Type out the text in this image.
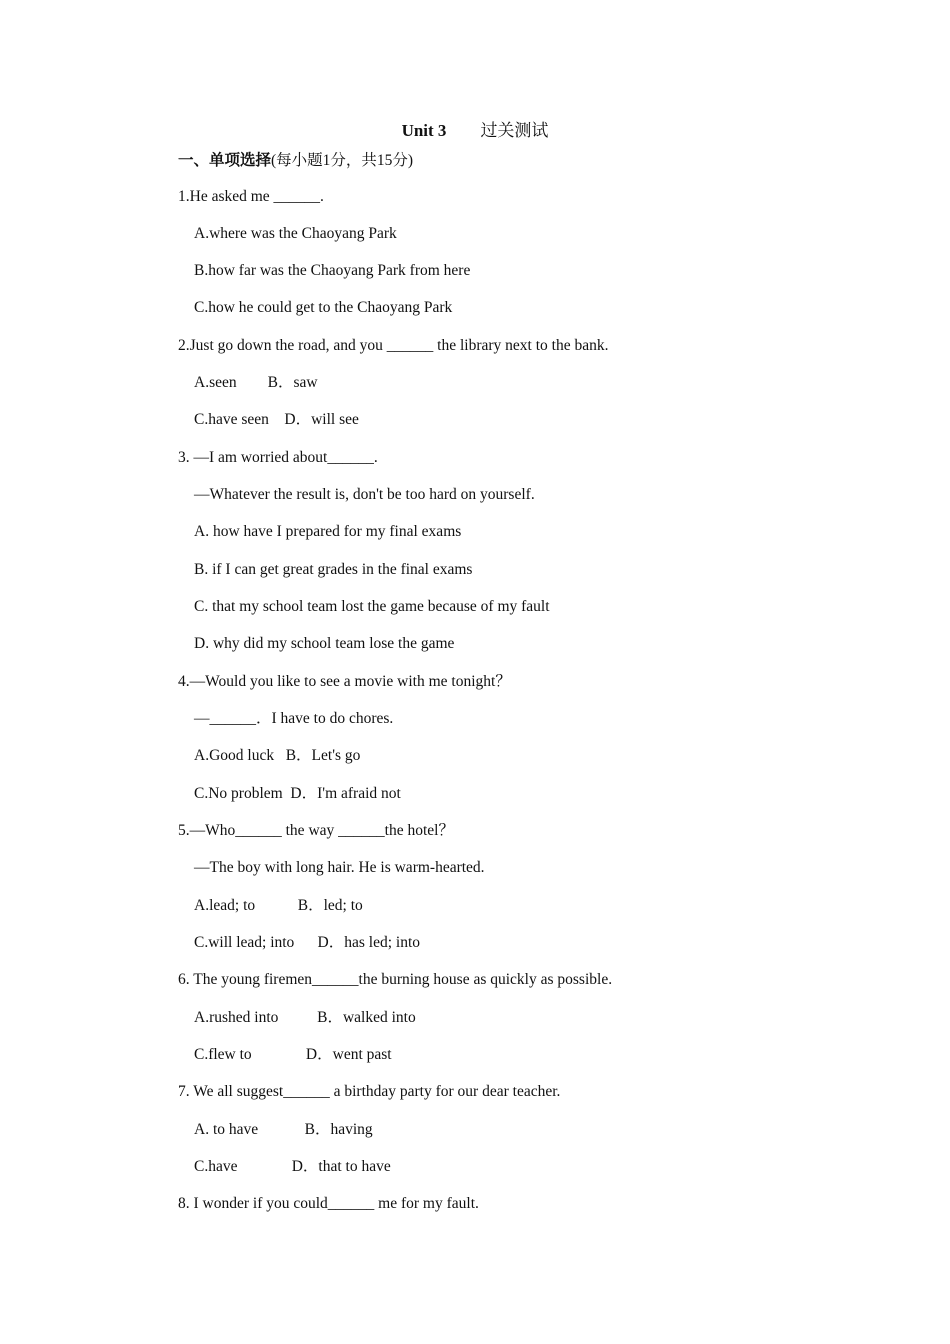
Unit 3 过关测试
一、单项选择(每小题1分，共15分)
1.He asked me ______.
A.where was the Chaoyang Park
B.how far was the Chaoyang Park from here
C.how he could get to the Chaoyang Park
2.Just go down the road, and you ______ the library next to the bank.
A.seen        B．saw
C.have seen    D．will see
3. —I am worried about______.
—Whatever the result is, don't be too hard on yourself.
A. how have I prepared for my final exams
B. if I can get great grades in the final exams
C. that my school team lost the game because of my fault
D. why did my school team lose the game
4.—Would you like to see a movie with me tonight？
—______．I have to do chores.
A.Good luck   B．Let's go
C.No problem  D．I'm afraid not
5.—Who______ the way ______the hotel？
—The boy with long hair. He is warm-hearted.
A.lead; to           B．led; to
C.will lead; into      D．has led; into
6. The young firemen______the burning house as quickly as possible.
A.rushed into          B．walked into
C.flew to              D．went past
7. We all suggest______ a birthday party for our dear teacher.
A. to have            B．having
C.have              D．that to have
8. I wonder if you could______ me for my fault.
